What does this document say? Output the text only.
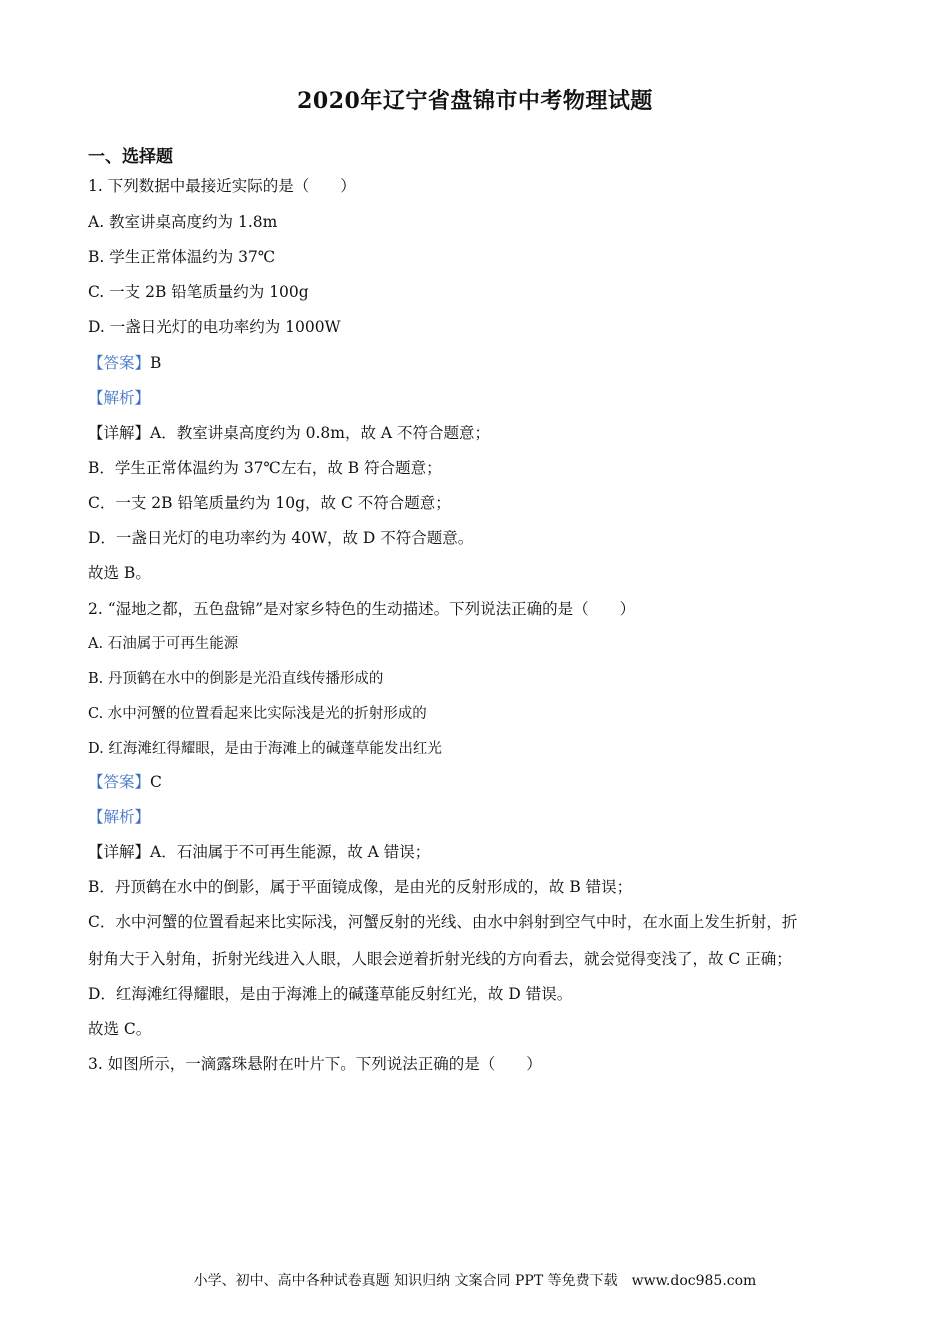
2020年辽宁省盘锦市中考物理试题
一、选择题
1. 下列数据中最接近实际的是（　　）
A. 教室讲桌高度约为 1.8m
B. 学生正常体温约为 37℃
C. 一支 2B 铅笔质量约为 100g
D. 一盏日光灯的电功率约为 1000W
【答案】B
【解析】
【详解】A．教室讲桌高度约为 0.8m，故 A 不符合题意；
B．学生正常体温约为 37℃左右，故 B 符合题意；
C．一支 2B 铅笔质量约为 10g，故 C 不符合题意；
D．一盏日光灯的电功率约为 40W，故 D 不符合题意。
故选 B。
2. “湿地之都，五色盘锦”是对家乡特色的生动描述。下列说法正确的是（　　）
A. 石油属于可再生能源
B. 丹顶鹤在水中的倒影是光沿直线传播形成的
C. 水中河蟹的位置看起来比实际浅是光的折射形成的
D. 红海滩红得耀眼，是由于海滩上的碱蓬草能发出红光
【答案】C
【解析】
【详解】A．石油属于不可再生能源，故 A 错误；
B．丹顶鹤在水中的倒影，属于平面镜成像，是由光的反射形成的，故 B 错误；
C．水中河蟹的位置看起来比实际浅，河蟹反射的光线、由水中斜射到空气中时，在水面上发生折射，折
射角大于入射角，折射光线进入人眼，人眼会逆着折射光线的方向看去，就会觉得变浅了，故 C 正确；
D．红海滩红得耀眼，是由于海滩上的碱蓬草能反射红光，故 D 错误。
故选 C。
3. 如图所示，一滴露珠悬附在叶片下。下列说法正确的是（　　）
小学、初中、高中各种试卷真题 知识归纳 文案合同 PPT 等免费下载　www.doc985.com
